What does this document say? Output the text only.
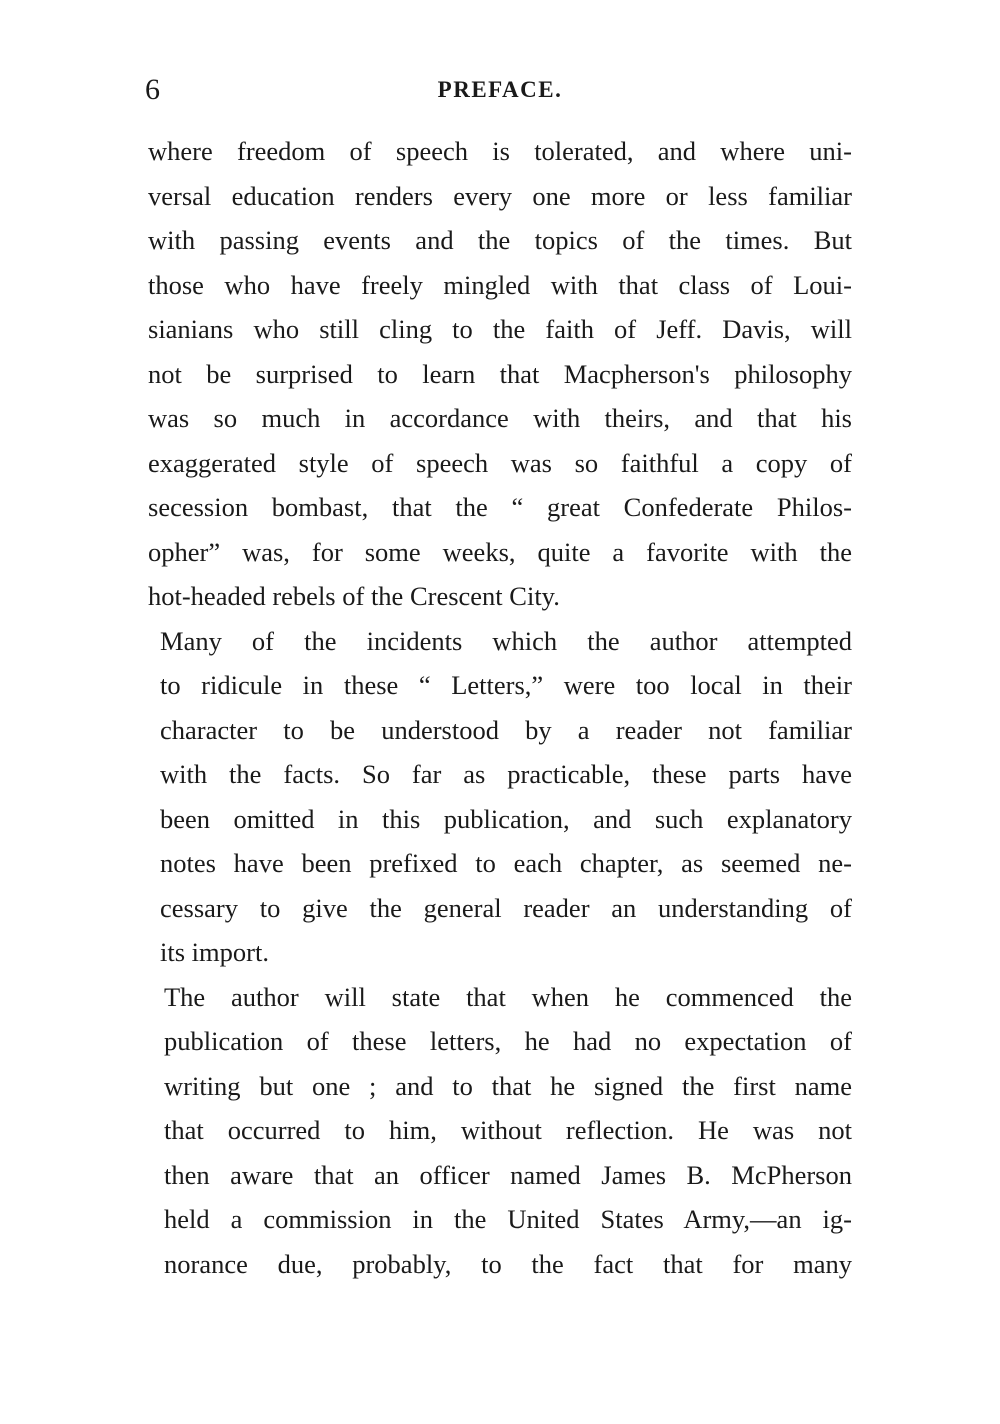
6	PREFACE.
where freedom of speech is tolerated, and where uni-
versal education renders every one more or less familiar
with passing events and the topics of the times. But
those who have freely mingled with that class of Loui-
sianians who still cling to the faith of Jeff. Davis, will
not be surprised to learn that Macpherson's philosophy
was so much in accordance with theirs, and that his
exaggerated style of speech was so faithful a copy of
secession bombast, that the “ great Confederate Philos-
opher” was, for some weeks, quite a favorite with the
hot-headed rebels of the Crescent City.
Many of the incidents which the author attempted
to ridicule in these “ Letters,” were too local in their
character to be understood by a reader not familiar
with the facts. So far as practicable, these parts have
been omitted in this publication, and such explanatory
notes have been prefixed to each chapter, as seemed ne-
cessary to give the general reader an understanding of
its import.
The author will state that when he commenced the
publication of these letters, he had no expectation of
writing but one ; and to that he signed the first name
that occurred to him, without reflection. He was not
then aware that an officer named James B. McPherson
held a commission in the United States Army,—an ig-
norance due, probably, to the fact that for many
